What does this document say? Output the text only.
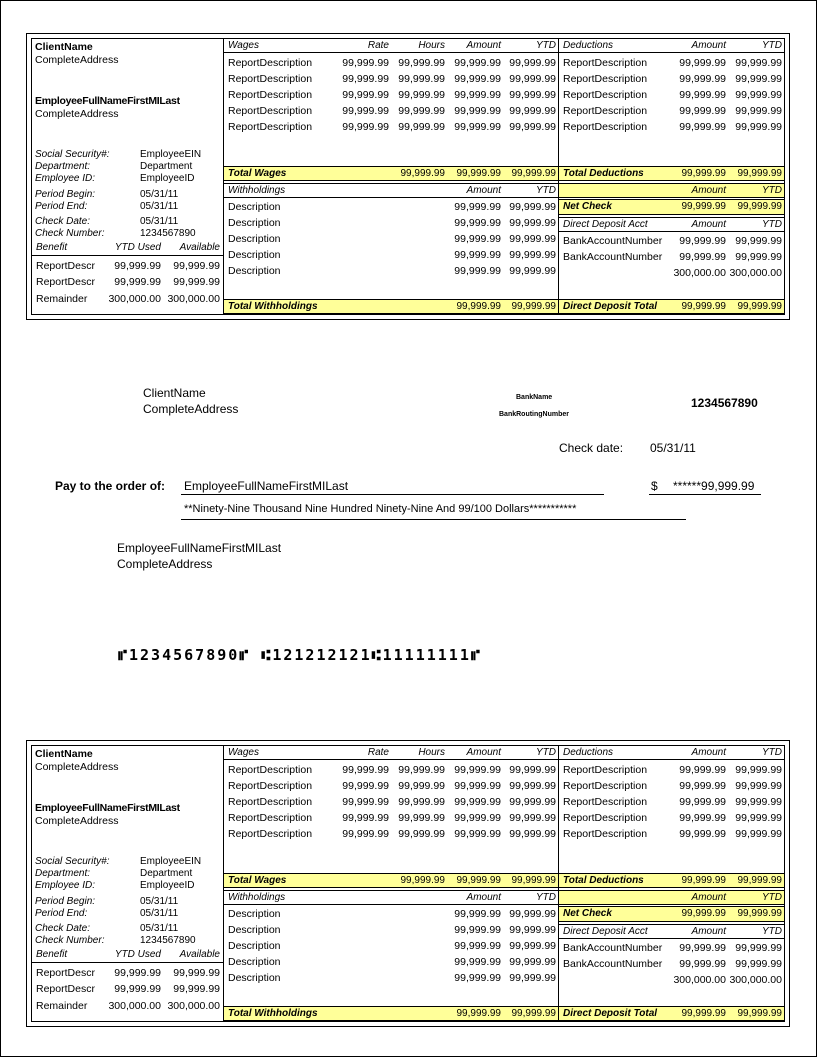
ClientName
CompleteAddress
EmployeeFullNameFirstMILast
CompleteAddress
Social Security#:	EmployeeEIN
Department:	Department
Employee ID:	EmployeeID
Period Begin:	05/31/11
Period End:	05/31/11
Check Date:	05/31/11
Check Number:	1234567890
Benefit	YTD Used Available
ReportDescr 99,999.99 99,999.99
ReportDescr 99,999.99 99,999.99
Remainder 300,000.00 300,000.00
Wages	Rate	Hours Amount	YTD
ReportDescription	99,999.99 99,999.99 99,999.99 99,999.99
ReportDescription	99,999.99 99,999.99 99,999.99 99,999.99
ReportDescription	99,999.99 99,999.99 99,999.99 99,999.99
ReportDescription	99,999.99 99,999.99 99,999.99 99,999.99
ReportDescription	99,999.99 99,999.99 99,999.99 99,999.99
Total Wages	99,999.99 99,999.99 99,999.99
Withholdings	Amount	YTD
Description	99,999.99 99,999.99
Description	99,999.99 99,999.99
Description	99,999.99 99,999.99
Description	99,999.99 99,999.99
Description	99,999.99 99,999.99
Total Withholdings	99,999.99 99,999.99
Deductions	Amount	YTD
ReportDescription	99,999.99 99,999.99
ReportDescription	99,999.99 99,999.99
ReportDescription	99,999.99 99,999.99
ReportDescription	99,999.99 99,999.99
ReportDescription	99,999.99 99,999.99
Total Deductions	99,999.99 99,999.99
Amount	YTD
Net Check	99,999.99 99,999.99
Direct Deposit Acct	Amount	YTD
BankAccountNumber 99,999.99 99,999.99
BankAccountNumber 99,999.99 99,999.99
300,000.00 300,000.00
Direct Deposit Total 99,999.99 99,999.99
ClientName
CompleteAddress
EmployeeFullNameFirstMILast
CompleteAddress
Social Security#:	EmployeeEIN
Department:	Department
Employee ID:	EmployeeID
Period Begin:	05/31/11
Period End:	05/31/11
Check Date:	05/31/11
Check Number:	1234567890
Benefit	YTD Used Available
ReportDescr 99,999.99 99,999.99
ReportDescr 99,999.99 99,999.99
Remainder 300,000.00 300,000.00
Wages	Rate	Hours Amount	YTD
ReportDescription	99,999.99 99,999.99 99,999.99 99,999.99
ReportDescription	99,999.99 99,999.99 99,999.99 99,999.99
ReportDescription	99,999.99 99,999.99 99,999.99 99,999.99
ReportDescription	99,999.99 99,999.99 99,999.99 99,999.99
ReportDescription	99,999.99 99,999.99 99,999.99 99,999.99
Total Wages	99,999.99 99,999.99 99,999.99
Withholdings	Amount	YTD
Description	99,999.99 99,999.99
Description	99,999.99 99,999.99
Description	99,999.99 99,999.99
Description	99,999.99 99,999.99
Description	99,999.99 99,999.99
Total Withholdings	99,999.99 99,999.99
Deductions	Amount	YTD
ReportDescription	99,999.99 99,999.99
ReportDescription	99,999.99 99,999.99
ReportDescription	99,999.99 99,999.99
ReportDescription	99,999.99 99,999.99
ReportDescription	99,999.99 99,999.99
Total Deductions	99,999.99 99,999.99
Amount	YTD
Net Check	99,999.99 99,999.99
Direct Deposit Acct	Amount	YTD
BankAccountNumber 99,999.99 99,999.99
BankAccountNumber 99,999.99 99,999.99
300,000.00 300,000.00
Direct Deposit Total 99,999.99 99,999.99
ClientName
CompleteAddress
BankName
BankRoutingNumber
1234567890
Check date: 05/31/11
Pay to the order of: EmployeeFullNameFirstMILast	$ ******99,999.99
**Ninety-Nine Thousand Nine Hundred Ninety-Nine And 99/100 Dollars***********
EmployeeFullNameFirstMILast
CompleteAddress
⑈1234567890⑈ ⑆121212121⑆11111111⑈
